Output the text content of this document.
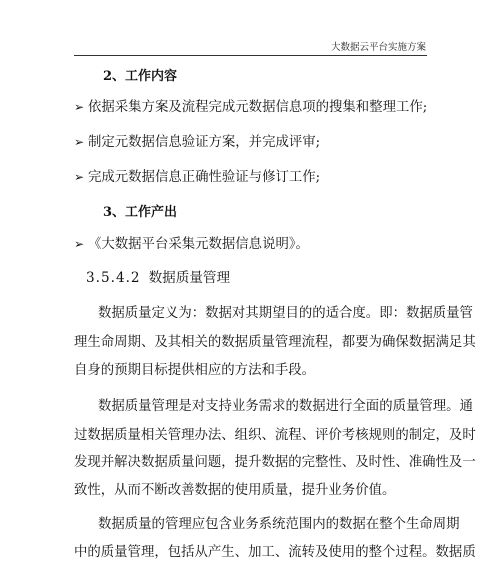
大数据云平台实施方案
2、工作内容
➢ 依据采集方案及流程完成元数据信息项的搜集和整理工作;
➢ 制定元数据信息验证方案，并完成评审;
➢ 完成元数据信息正确性验证与修订工作;
3、工作产出
➢ 《大数据平台采集元数据信息说明》。
3.5.4.2 数据质量管理
数据质量定义为：数据对其期望目的的适合度。即：数据质量管
理生命周期、及其相关的数据质量管理流程，都要为确保数据满足其
自身的预期目标提供相应的方法和手段。
数据质量管理是对支持业务需求的数据进行全面的质量管理。通
过数据质量相关管理办法、组织、流程、评价考核规则的制定，及时
发现并解决数据质量问题，提升数据的完整性、及时性、准确性及一
致性，从而不断改善数据的使用质量，提升业务价值。
数据质量的管理应包含业务系统范围内的数据在整个生命周期
中的质量管理，包括从产生、加工、流转及使用的整个过程。数据质
